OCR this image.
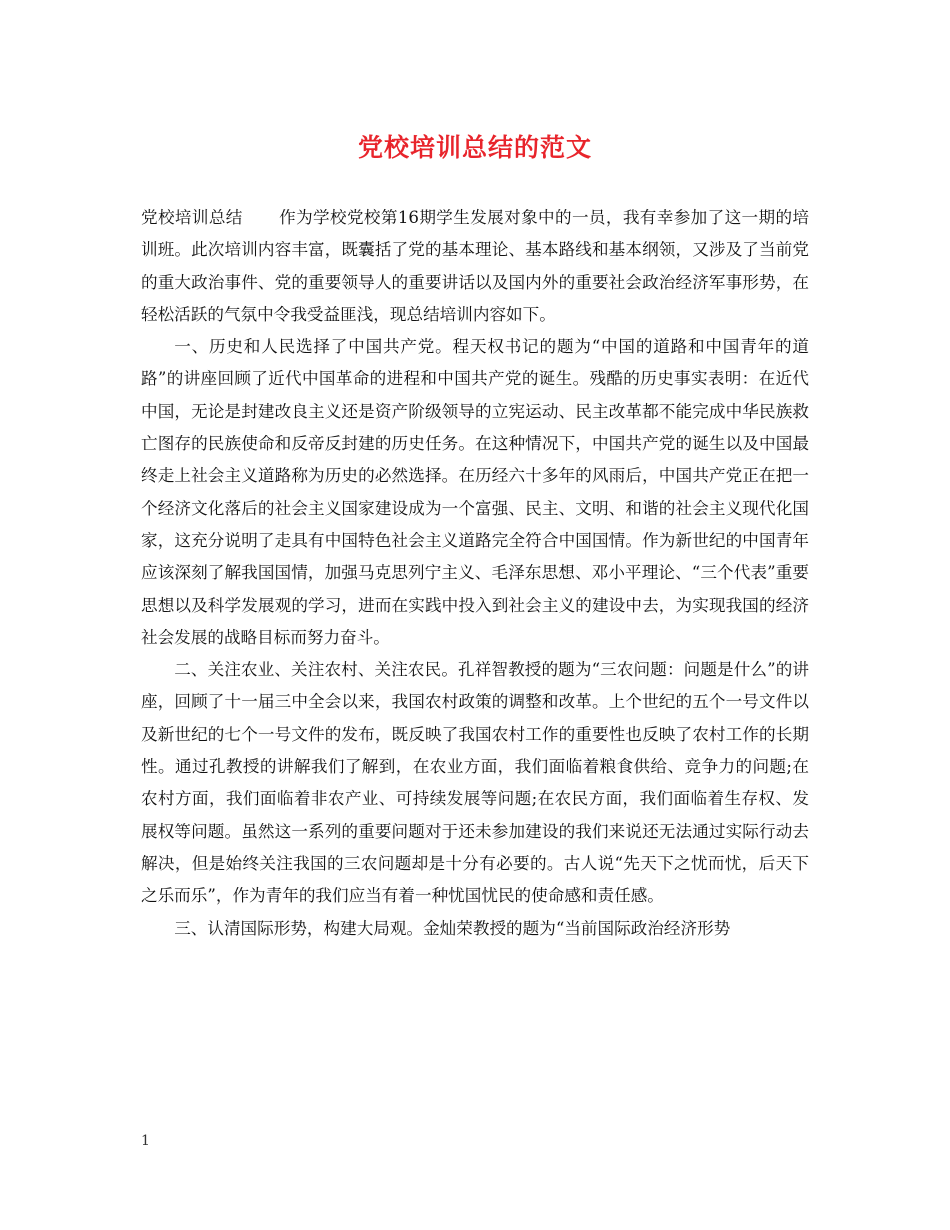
党校培训总结的范文

党校培训总结 作为学校党校第16期学生发展对象中的一员，我有幸参加了这一期的培训班。此次培训内容丰富，既囊括了党的基本理论、基本路线和基本纲领，又涉及了当前党的重大政治事件、党的重要领导人的重要讲话以及国内外的重要社会政治经济军事形势，在轻松活跃的气氛中令我受益匪浅，现总结培训内容如下。

一、历史和人民选择了中国共产党。程天权书记的题为“中国的道路和中国青年的道路”的讲座回顾了近代中国革命的进程和中国共产党的诞生。残酷的历史事实表明：在近代中国，无论是封建改良主义还是资产阶级领导的立宪运动、民主改革都不能完成中华民族救亡图存的民族使命和反帝反封建的历史任务。在这种情况下，中国共产党的诞生以及中国最终走上社会主义道路称为历史的必然选择。在历经六十多年的风雨后，中国共产党正在把一个经济文化落后的社会主义国家建设成为一个富强、民主、文明、和谐的社会主义现代化国家，这充分说明了走具有中国特色社会主义道路完全符合中国国情。作为新世纪的中国青年应该深刻了解我国国情，加强马克思列宁主义、毛泽东思想、邓小平理论、“三个代表”重要思想以及科学发展观的学习，进而在实践中投入到社会主义的建设中去，为实现我国的经济社会发展的战略目标而努力奋斗。

二、关注农业、关注农村、关注农民。孔祥智教授的题为“三农问题：问题是什么”的讲座，回顾了十一届三中全会以来，我国农村政策的调整和改革。上个世纪的五个一号文件以及新世纪的七个一号文件的发布，既反映了我国农村工作的重要性也反映了农村工作的长期性。通过孔教授的讲解我们了解到，在农业方面，我们面临着粮食供给、竞争力的问题;在农村方面，我们面临着非农产业、可持续发展等问题;在农民方面，我们面临着生存权、发展权等问题。虽然这一系列的重要问题对于还未参加建设的我们来说还无法通过实际行动去解决，但是始终关注我国的三农问题却是十分有必要的。古人说“先天下之忧而忧，后天下之乐而乐”，作为青年的我们应当有着一种忧国忧民的使命感和责任感。

三、认清国际形势，构建大局观。金灿荣教授的题为“当前国际政治经济形势

1
